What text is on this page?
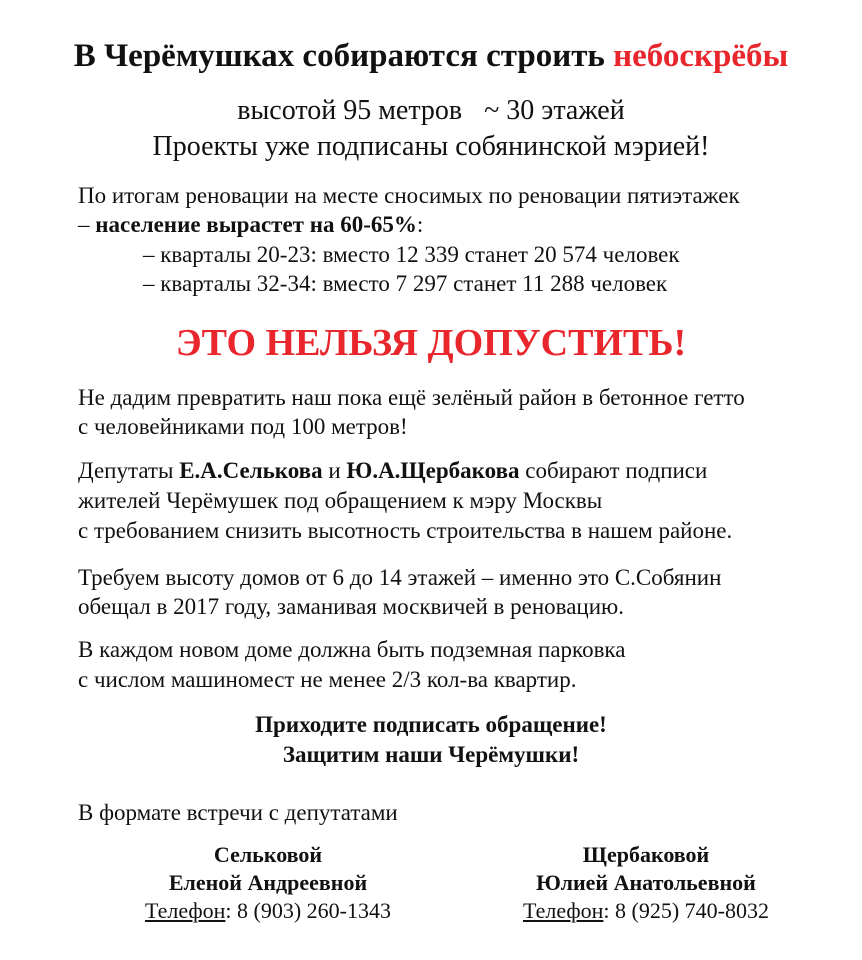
В Черёмушках собираются строить небоскрёбы
высотой 95 метров ~ 30 этажей
Проекты уже подписаны собянинской мэрией!
По итогам реновации на месте сносимых по реновации пятиэтажек
– население вырастет на 60-65%:
– кварталы 20-23: вместо 12 339 станет 20 574 человек
– кварталы 32-34: вместо 7 297 станет 11 288 человек
ЭТО НЕЛЬЗЯ ДОПУСТИТЬ!
Не дадим превратить наш пока ещё зелёный район в бетонное гетто
с человейниками под 100 метров!
Депутаты Е.А.Селькова и Ю.А.Щербакова собирают подписи
жителей Черёмушек под обращением к мэру Москвы
с требованием снизить высотность строительства в нашем районе.
Требуем высоту домов от 6 до 14 этажей – именно это С.Собянин
обещал в 2017 году, заманивая москвичей в реновацию.
В каждом новом доме должна быть подземная парковка
с числом машиномест не менее 2/3 кол-ва квартир.
Приходите подписать обращение!
Защитим наши Черёмушки!
В формате встречи с депутатами
Сельковой
Еленой Андреевной
Телефон: 8 (903) 260-1343
Щербаковой
Юлией Анатольевной
Телефон: 8 (925) 740-8032
